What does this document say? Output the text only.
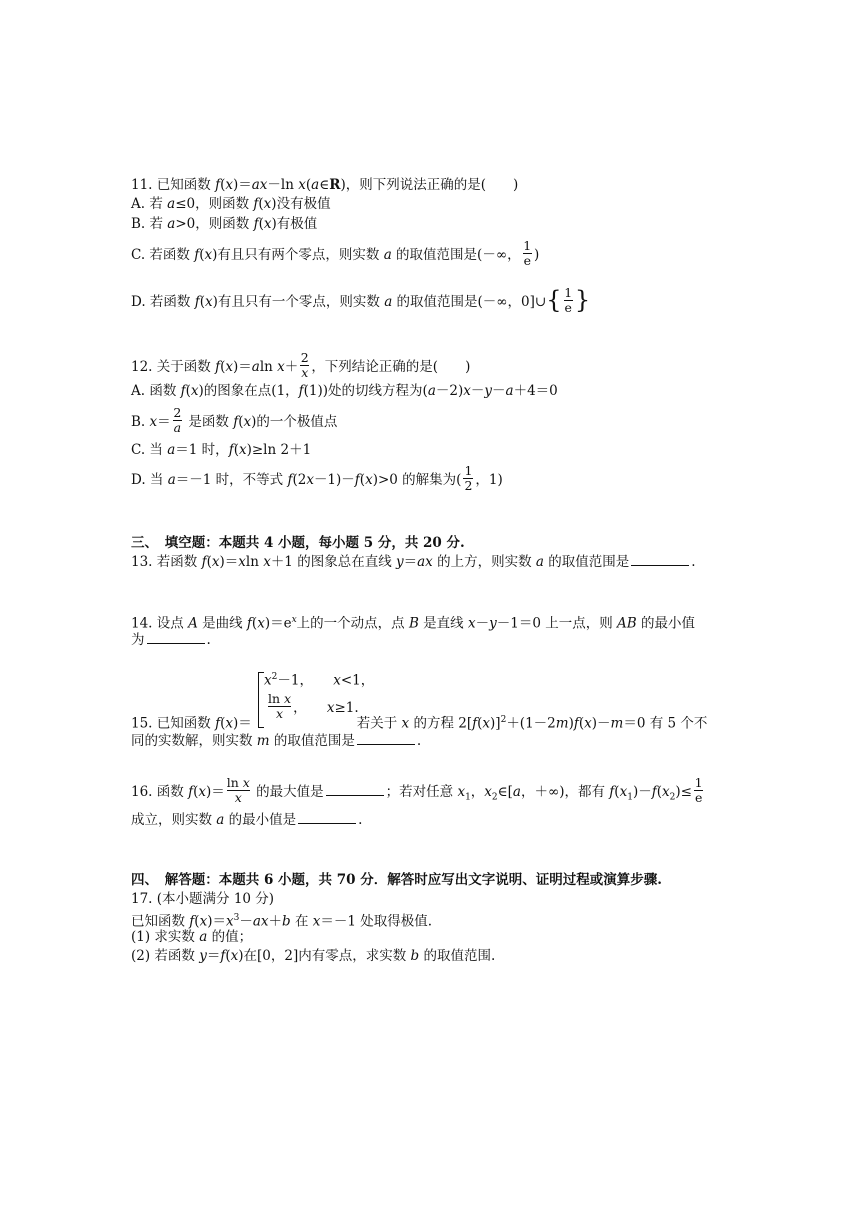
11. 已知函数 f(x)＝ax－ln x(a∈R)，则下列说法正确的是(　　)
A. 若 a≤0，则函数 f(x)没有极值
B. 若 a>0，则函数 f(x)有极值
C. 若函数 f(x)有且只有两个零点，则实数 a 的取值范围是(－∞， $\frac{1}{e}$ )
D. 若函数 f(x)有且只有一个零点，则实数 a 的取值范围是(－∞，0]∪{ $\frac{1}{e}$ }
12. 关于函数 f(x)＝aln $x+ \frac{2}{x}$ ，下列结论正确的是(　　)
A. 函数 f(x)的图象在点(1，f(1))处的切线方程为(a－2)x－y－a＋4＝0
B. $x= \frac{2}{a}$ 是函数 f(x)的一个极值点
C. 当 a＝1 时，f(x)≥ln 2＋1
D. 当 a＝－1 时，不等式 f(2x－1)－f(x)>0 的解集为( $\frac{1}{2}$ ，1)
三、　填空题：本题共 4 小题，每小题 5 分，共 20 分.
13. 若函数 f(x)＝xln x＋1 的图象总在直线 y＝ax 的上方，则实数 a 的取值范围是	.
14. 设点 A 是曲线 $f(x)=e^x$上的一个动点，点 B 是直线 x－y－1＝0 上一点，则 AB 的最小值
为	.
$x^2-1$，　　x<1，
$\frac{\text{ln x}}{x}$ ，　　x≥1.
15. 已知函数 f(x)＝	若关于 x 的方程 $2[f(x)]^2+(1-2m)f(x)-m=0$ 有 5 个不
同的实数解，则实数 m 的取值范围是	.
16. 函数 $f(x)= \frac{\text{ln x}}{x}$ 的最大值是	；若对任意 $x_1$，$x_2\in[a$，＋∞)，都有 $f(x_1)-f(x_2)\le \frac{1}{e}$
成立，则实数 a 的最小值是	.
四、　解答题：本题共 6 小题，共 70 分．解答时应写出文字说明、证明过程或演算步骤.
17. (本小题满分 10 分)
已知函数 $f(x)=x^3-ax+b$ 在 x＝－1 处取得极值.
(1) 求实数 a 的值；
(2) 若函数 y＝f(x)在[0，2]内有零点，求实数 b 的取值范围.
